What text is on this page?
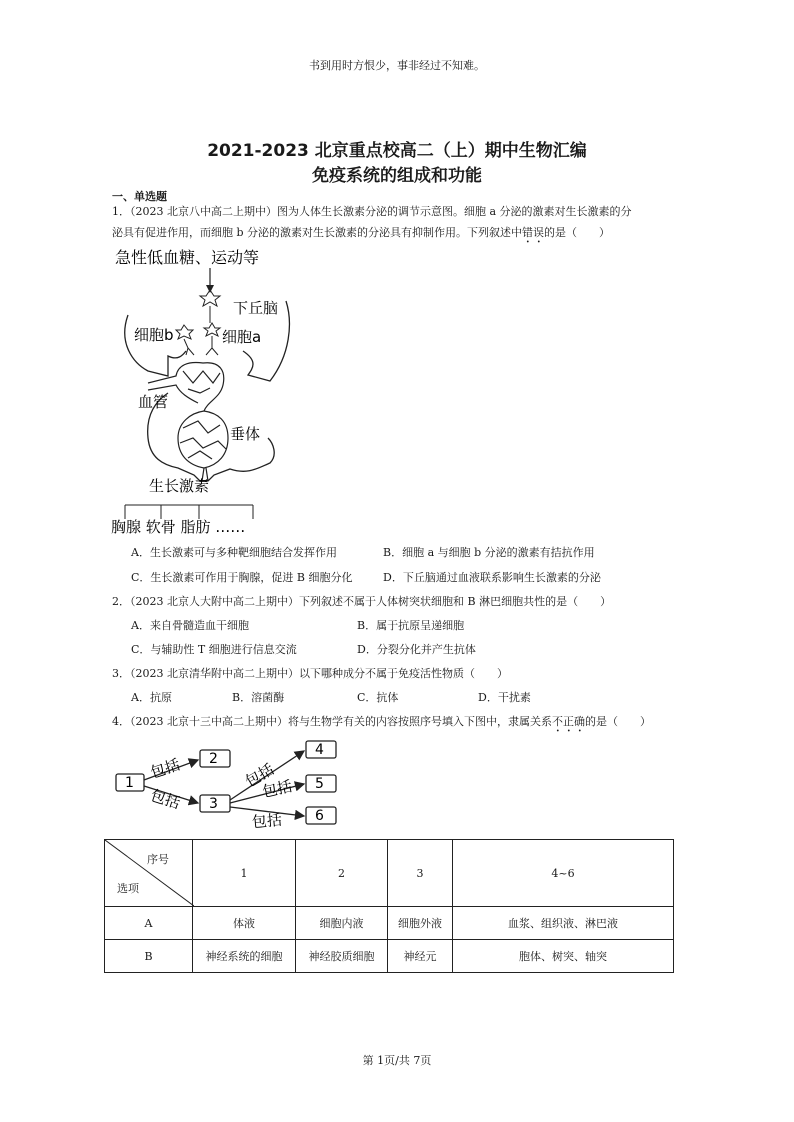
书到用时方恨少，事非经过不知难。
2021-2023 北京重点校高二（上）期中生物汇编
免疫系统的组成和功能
一、单选题
1．（2023 北京八中高二上期中）图为人体生长激素分泌的调节示意图。细胞 a 分泌的激素对生长激素的分
泌具有促进作用，而细胞 b 分泌的激素对生长激素的分泌具有抑制作用。下列叙述中错误的是（　　）
急性低血糖、运动等
下丘脑
细胞b	细胞a
血管
垂体
生长激素
胸腺 软骨 脂肪 ……
A．生长激素可与多种靶细胞结合发挥作用	B．细胞 a 与细胞 b 分泌的激素有拮抗作用
C．生长激素可作用于胸腺，促进 B 细胞分化	D．下丘脑通过血液联系影响生长激素的分泌
2．（2023 北京人大附中高二上期中）下列叙述不属于人体树突状细胞和 B 淋巴细胞共性的是（　　）
A．来自骨髓造血干细胞	B．属于抗原呈递细胞
C．与辅助性 T 细胞进行信息交流	D．分裂分化并产生抗体
3．（2023 北京清华附中高二上期中）以下哪种成分不属于免疫活性物质（　　）
A．抗原	B．溶菌酶	C．抗体	D．干扰素
4．（2023 北京十三中高二上期中）将与生物学有关的内容按照序号填入下图中，隶属关系不正确的是（　　）
1
2
3
4
5
6
包括
包括
包括
包括
包括
序号
选项	1	2	3	4~6
A	体液	细胞内液	细胞外液	血浆、组织液、淋巴液
B	神经系统的细胞	神经胶质细胞	神经元	胞体、树突、轴突
第 1页/共 7页
